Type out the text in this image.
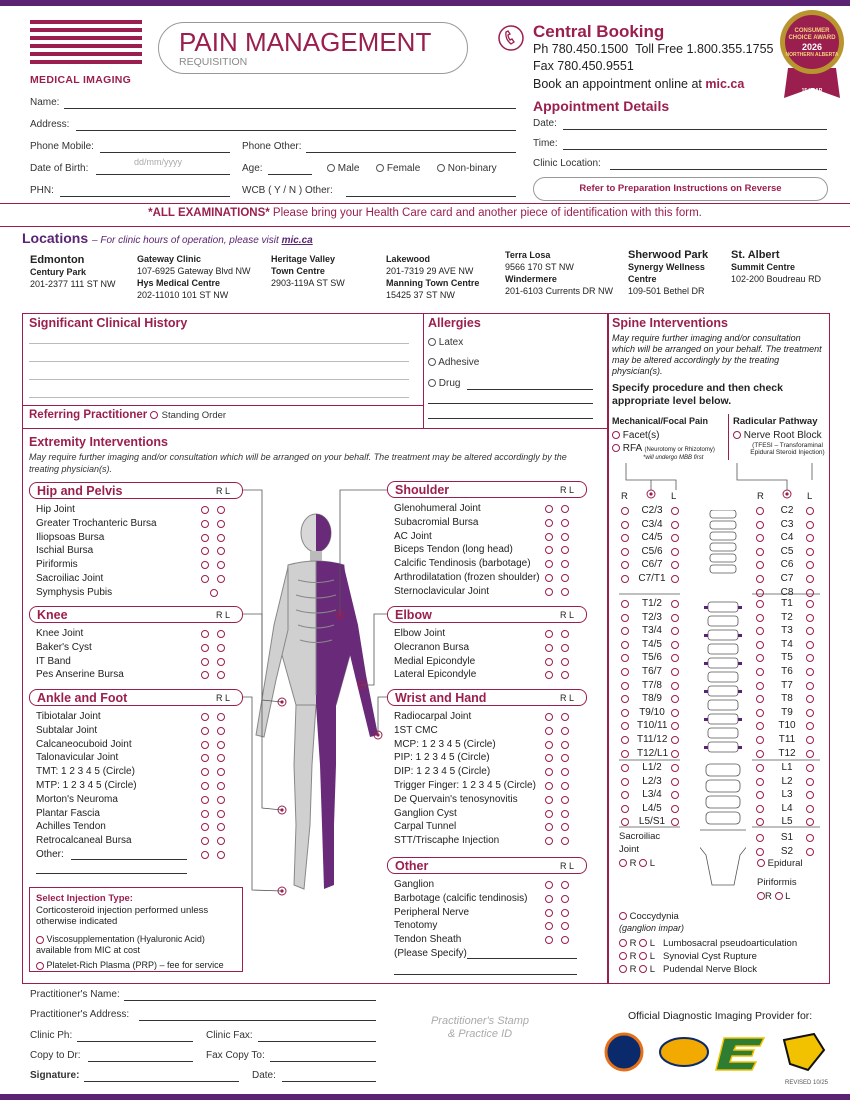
MEDICAL IMAGING
PAIN MANAGEMENT
REQUISITION
Central Booking
Ph 780.450.1500 Toll Free 1.800.355.1755
Fax 780.450.9551
Book an appointment online at mic.ca
CONSUMER
CHOICE AWARD
2026
NORTHERN ALBERTA
15 YEAR
Name:
Address:
Phone Mobile:	Phone Other:
Date of Birth:
dd/mm/yyyy
Age:	Male	Female	Non-binary
PHN:	WCB ( Y / N ) Other:
Appointment Details
Date:
Time:
Clinic Location:
Refer to Preparation Instructions on Reverse
*ALL EXAMINATIONS* Please bring your Health Care card and another piece of identification with this form.
Locations – For clinic hours of operation, please visit mic.ca
Edmonton
Century Park
201-2377 111 ST NW
Gateway Clinic
107-6925 Gateway Blvd NW
Hys Medical Centre
202-11010 101 ST NW
Heritage Valley
Town Centre
2903-119A ST SW
Lakewood
201-7319 29 AVE NW
Manning Town Centre
15425 37 ST NW
Terra Losa
9566 170 ST NW
Windermere
201-6103 Currents DR NW
Sherwood Park
Synergy Wellness
Centre
109-501 Bethel DR
St. Albert
Summit Centre
102-200 Boudreau RD
Significant Clinical History
Referring Practitioner Standing Order
Allergies
Latex
Adhesive
Drug
Extremity Interventions
May require further imaging and/or consultation which will be arranged on your behalf. The treatment may be altered accordingly by the treating physician(s).
Hip and Pelvis	R L
Hip Joint
Greater Trochanteric Bursa
Iliopsoas Bursa
Ischial Bursa
Piriformis
Sacroiliac Joint
Symphysis Pubis
Knee	R L
Knee Joint
Baker's Cyst
IT Band
Pes Anserine Bursa
Ankle and Foot	R L
Tibiotalar Joint
Subtalar Joint
Calcaneocuboid Joint
Talonavicular Joint
TMT: 1 2 3 4 5 (Circle)
MTP: 1 2 3 4 5 (Circle)
Morton's Neuroma
Plantar Fascia
Achilles Tendon
Retrocalcaneal Bursa
Other:
Shoulder	R L
Glenohumeral Joint
Subacromial Bursa
AC Joint
Biceps Tendon (long head)
Calcific Tendinosis (barbotage)
Arthrodilatation (frozen shoulder)
Sternoclavicular Joint
Elbow	R L
Elbow Joint
Olecranon Bursa
Medial Epicondyle
Lateral Epicondyle
Wrist and Hand	R L
Radiocarpal Joint
1ST CMC
MCP: 1 2 3 4 5 (Circle)
PIP: 1 2 3 4 5 (Circle)
DIP: 1 2 3 4 5 (Circle)
Trigger Finger: 1 2 3 4 5 (Circle)
De Quervain's tenosynovitis
Ganglion Cyst
Carpal Tunnel
STT/Triscaphe Injection
Other	R L
Ganglion
Barbotage (calcific tendinosis)
Peripheral Nerve
Tenotomy
Tendon Sheath
(Please Specify)
Select Injection Type:
Corticosteroid injection performed unless otherwise indicated
Viscosupplementation (Hyaluronic Acid) available from MIC at cost
Platelet-Rich Plasma (PRP) – fee for service
Spine Interventions
May require further imaging and/or consultation which will be arranged on your behalf. The treatment may be altered accordingly by the treating physician(s).
Specify procedure and then check appropriate level below.
Mechanical/Focal Pain	Radicular Pathway
Facet(s)
RFA (Neurotomy or Rhizotomy)
*will undergo MBB first
Nerve Root Block
(TFESI – Transforaminal Epidural Steroid Injection)
R	L	R	L
C2/3
C3/4
C4/5
C5/6
C6/7
C7/T1
C2
C3
C4
C5
C6
C7
C8
T1/2
T2/3
T3/4
T4/5
T5/6
T6/7
T7/8
T8/9
T9/10
T10/11
T11/12
T12/L1
T1
T2
T3
T4
T5
T6
T7
T8
T9
T10
T11
T12
L1/2
L2/3
L3/4
L4/5
L5/S1
L1
L2
L3
L4
L5
S1
S2
Sacroiliac
Joint
R  L	Epidural
Piriformis
R  L
Coccydynia
(ganglion impar)
R  L   Lumbosacral pseudoarticulation
R  L   Synovial Cyst Rupture
R  L   Pudendal Nerve Block
Practitioner's Name:
Practitioner's Address:
Clinic Ph:	Clinic Fax:
Copy to Dr:	Fax Copy To:
Signature:	Date:
Practitioner's Stamp
& Practice ID
Official Diagnostic Imaging Provider for:
REVISED 10/25
